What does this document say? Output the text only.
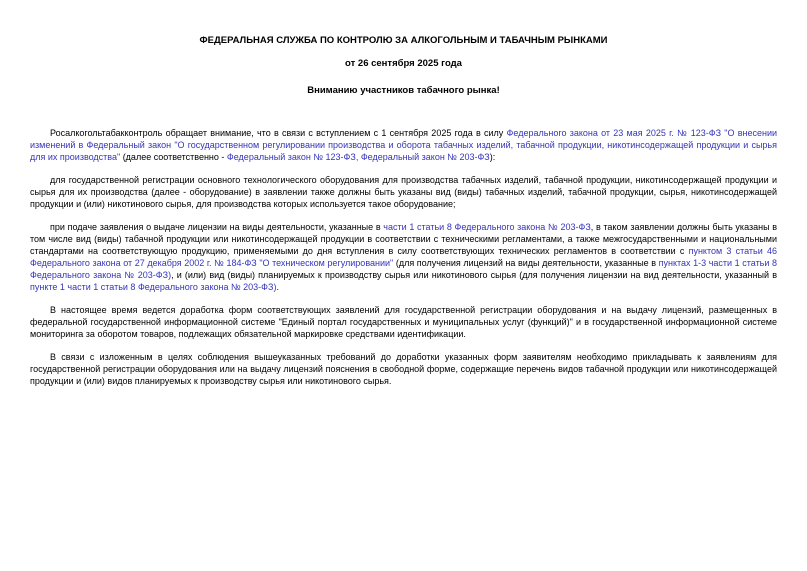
ФЕДЕРАЛЬНАЯ СЛУЖБА ПО КОНТРОЛЮ ЗА АЛКОГОЛЬНЫМ И ТАБАЧНЫМ РЫНКАМИ
от 26 сентября 2025 года
Вниманию участников табачного рынка!

Росалкогольтабакконтроль обращает внимание, что в связи с вступлением с 1 сентября 2025 года в силу Федерального закона от 23 мая 2025 г. № 123-ФЗ "О внесении изменений в Федеральный закон "О государственном регулировании производства и оборота табачных изделий, табачной продукции, никотинсодержащей продукции и сырья для их производства" (далее соответственно - Федеральный закон № 123-ФЗ, Федеральный закон № 203-ФЗ):

для государственной регистрации основного технологического оборудования для производства табачных изделий, табачной продукции, никотинсодержащей продукции и сырья для их производства (далее - оборудование) в заявлении также должны быть указаны вид (виды) табачных изделий, табачной продукции, сырья, никотинсодержащей продукции и (или) никотинового сырья, для производства которых используется такое оборудование;

при подаче заявления о выдаче лицензии на виды деятельности, указанные в части 1 статьи 8 Федерального закона № 203-ФЗ, в таком заявлении должны быть указаны в том числе вид (виды) табачной продукции или никотинсодержащей продукции в соответствии с техническими регламентами, а также межгосударственными и национальными стандартами на соответствующую продукцию, применяемыми до дня вступления в силу соответствующих технических регламентов в соответствии с пунктом 3 статьи 46 Федерального закона от 27 декабря 2002 г. № 184-ФЗ "О техническом регулировании" (для получения лицензий на виды деятельности, указанные в пунктах 1-3 части 1 статьи 8 Федерального закона № 203-ФЗ), и (или) вид (виды) планируемых к производству сырья или никотинового сырья (для получения лицензии на вид деятельности, указанный в пункте 1 части 1 статьи 8 Федерального закона № 203-ФЗ).

В настоящее время ведется доработка форм соответствующих заявлений для государственной регистрации оборудования и на выдачу лицензий, размещенных в федеральной государственной информационной системе "Единый портал государственных и муниципальных услуг (функций)" и в государственной информационной системе мониторинга за оборотом товаров, подлежащих обязательной маркировке средствами идентификации.

В связи с изложенным в целях соблюдения вышеуказанных требований до доработки указанных форм заявителям необходимо прикладывать к заявлениям для государственной регистрации оборудования или на выдачу лицензий пояснения в свободной форме, содержащие перечень видов табачной продукции или никотинсодержащей продукции и (или) видов планируемых к производству сырья или никотинового сырья.
